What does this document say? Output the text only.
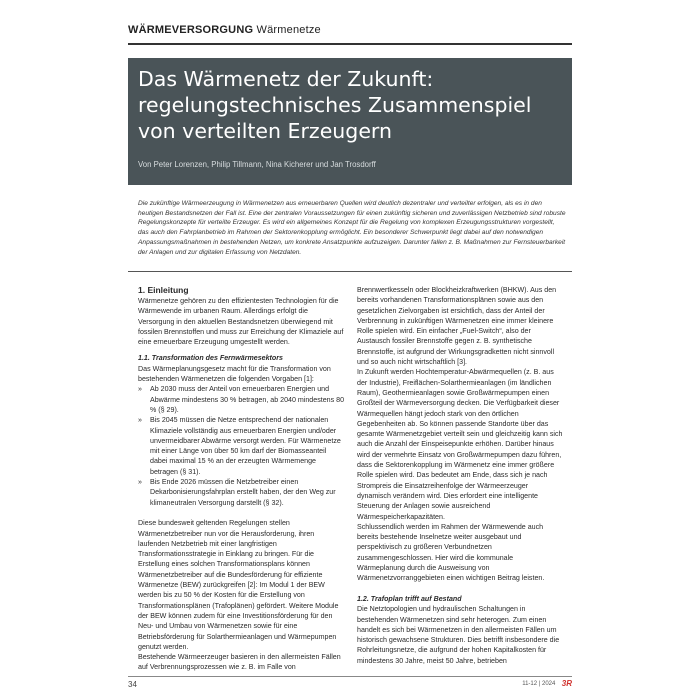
WÄRMEVERSORGUNG Wärmenetze
Das Wärmenetz der Zukunft:
regelungstechnisches Zusammenspiel
von verteilten Erzeugern
Von Peter Lorenzen, Philip Tillmann, Nina Kicherer und Jan Trosdorff

Die zukünftige Wärmeerzeugung in Wärmenetzen aus erneuerbaren Quellen wird deutlich dezentraler und verteilter erfolgen, als es in den heutigen Bestandsnetzen der Fall ist. Eine der zentralen Voraussetzungen für einen zukünftig sicheren und zuverlässigen Netzbetrieb sind robuste Regelungskonzepte für verteilte Erzeuger. Es wird ein allgemeines Konzept für die Regelung von komplexen Erzeugungsstrukturen vorgestellt, das auch den Fahrplanbetrieb im Rahmen der Sektorenkopplung ermöglicht. Ein besonderer Schwerpunkt liegt dabei auf den notwendigen Anpassungsmaßnahmen in bestehenden Netzen, um konkrete Ansatzpunkte aufzuzeigen. Darunter fallen z. B. Maßnahmen zur Fernsteuerbarkeit der Anlagen und zur digitalen Erfassung von Netzdaten.

1. Einleitung

Wärmenetze gehören zu den effizientesten Technologien für die Wärmewende im urbanen Raum. Allerdings erfolgt die Versorgung in den aktuellen Bestandsnetzen überwiegend mit fossilen Brennstoffen und muss zur Erreichung der Klimaziele auf eine erneuerbare Erzeugung umgestellt werden.

1.1. Transformation des Fernwärmesektors

Das Wärmeplanungsgesetz macht für die Transformation von bestehenden Wärmenetzen die folgenden Vorgaben [1]:

» Ab 2030 muss der Anteil von erneuerbaren Energien und Abwärme mindestens 30 % betragen, ab 2040 mindestens 80 % (§ 29).
» Bis 2045 müssen die Netze entsprechend der nationalen Klimaziele vollständig aus erneuerbaren Energien und/oder unvermeidbarer Abwärme versorgt werden. Für Wärmenetze mit einer Länge von über 50 km darf der Biomasseanteil dabei maximal 15 % an der erzeugten Wärmemenge betragen (§ 31).
» Bis Ende 2026 müssen die Netzbetreiber einen Dekarbonisierungsfahrplan erstellt haben, der den Weg zur klimaneutralen Versorgung darstellt (§ 32).

Diese bundesweit geltenden Regelungen stellen Wärmenetzbetreiber nun vor die Herausforderung, ihren laufenden Netzbetrieb mit einer langfristigen Transformationsstrategie in Einklang zu bringen. Für die Erstellung eines solchen Transformationsplans können Wärmenetzbetreiber auf die Bundesförderung für effiziente Wärmenetze (BEW) zurückgreifen [2]: Im Modul 1 der BEW werden bis zu 50 % der Kosten für die Erstellung von Transformationsplänen (Trafoplänen) gefördert. Weitere Module der BEW können zudem für eine Investitionsförderung für den Neu- und Umbau von Wärmenetzen sowie für eine Betriebsförderung für Solarthermieanlagen und Wärmepumpen genutzt werden.

Bestehende Wärmeerzeuger basieren in den allermeisten Fällen auf Verbrennungsprozessen wie z. B. im Falle von

Brennwertkesseln oder Blockheizkraftwerken (BHKW). Aus den bereits vorhandenen Transformationsplänen sowie aus den gesetzlichen Zielvorgaben ist ersichtlich, dass der Anteil der Verbrennung in zukünftigen Wärmenetzen eine immer kleinere Rolle spielen wird. Ein einfacher „Fuel-Switch“, also der Austausch fossiler Brennstoffe gegen z. B. synthetische Brennstoffe, ist aufgrund der Wirkungsgradketten nicht sinnvoll und so auch nicht wirtschaftlich [3].

In Zukunft werden Hochtemperatur-Abwärmequellen (z. B. aus der Industrie), Freiflächen-Solarthermieanlagen (im ländlichen Raum), Geothermieanlagen sowie Großwärmepumpen einen Großteil der Wärmeversorgung decken. Die Verfügbarkeit dieser Wärmequellen hängt jedoch stark von den örtlichen Gegebenheiten ab. So können passende Standorte über das gesamte Wärmenetzgebiet verteilt sein und gleichzeitig kann sich auch die Anzahl der Einspeisepunkte erhöhen. Darüber hinaus wird der vermehrte Einsatz von Großwärmepumpen dazu führen, dass die Sektorenkopplung im Wärmenetz eine immer größere Rolle spielen wird. Das bedeutet am Ende, dass sich je nach Strompreis die Einsatzreihenfolge der Wärmeerzeuger dynamisch verändern wird. Dies erfordert eine intelligente Steuerung der Anlagen sowie ausreichend Wärmespeicherkapazitäten.

Schlussendlich werden im Rahmen der Wärmewende auch bereits bestehende Inselnetze weiter ausgebaut und perspektivisch zu größeren Verbundnetzen zusammengeschlossen. Hier wird die kommunale Wärmeplanung durch die Ausweisung von Wärmenetzvorranggebieten einen wichtigen Beitrag leisten.

1.2. Trafoplan trifft auf Bestand

Die Netztopologien und hydraulischen Schaltungen in bestehenden Wärmenetzen sind sehr heterogen. Zum einen handelt es sich bei Wärmenetzen in den allermeisten Fällen um historisch gewachsene Strukturen. Dies betrifft insbesondere die Rohrleitungsnetze, die aufgrund der hohen Kapitalkosten für mindestens 30 Jahre, meist 50 Jahre, betrieben

34	11-12 | 2024 3R
